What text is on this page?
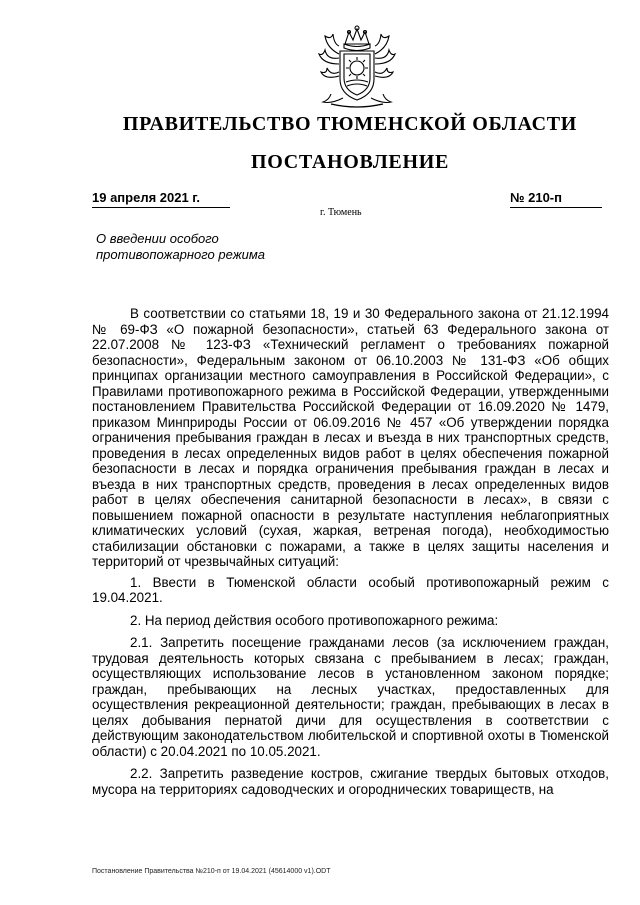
ПРАВИТЕЛЬСТВО ТЮМЕНСКОЙ ОБЛАСТИ
ПОСТАНОВЛЕНИЕ
19 апреля 2021 г.	№ 210-п
г. Тюмень
О введении особого
противопожарного режима

В соответствии со статьями 18, 19 и 30 Федерального закона от 21.12.1994 № 69-ФЗ «О пожарной безопасности», статьей 63 Федерального закона от 22.07.2008 № 123-ФЗ «Технический регламент о требованиях пожарной безопасности», Федеральным законом от 06.10.2003 № 131-ФЗ «Об общих принципах организации местного самоуправления в Российской Федерации», с Правилами противопожарного режима в Российской Федерации, утвержденными постановлением Правительства Российской Федерации от 16.09.2020 № 1479, приказом Минприроды России от 06.09.2016 № 457 «Об утверждении порядка ограничения пребывания граждан в лесах и въезда в них транспортных средств, проведения в лесах определенных видов работ в целях обеспечения пожарной безопасности в лесах и порядка ограничения пребывания граждан в лесах и въезда в них транспортных средств, проведения в лесах определенных видов работ в целях обеспечения санитарной безопасности в лесах», в связи с повышением пожарной опасности в результате наступления неблагоприятных климатических условий (сухая, жаркая, ветреная погода), необходимостью стабилизации обстановки с пожарами, а также в целях защиты населения и территорий от чрезвычайных ситуаций:

1. Ввести в Тюменской области особый противопожарный режим с 19.04.2021.

2. На период действия особого противопожарного режима:

2.1. Запретить посещение гражданами лесов (за исключением граждан, трудовая деятельность которых связана с пребыванием в лесах; граждан, осуществляющих использование лесов в установленном законом порядке; граждан, пребывающих на лесных участках, предоставленных для осуществления рекреационной деятельности; граждан, пребывающих в лесах в целях добывания пернатой дичи для осуществления в соответствии с действующим законодательством любительской и спортивной охоты в Тюменской области) с 20.04.2021 по 10.05.2021.

2.2. Запретить разведение костров, сжигание твердых бытовых отходов, мусора на территориях садоводческих и огороднических товариществ, на

Постановление Правительства №210-п от 19.04.2021 (45614000 v1).ODT
